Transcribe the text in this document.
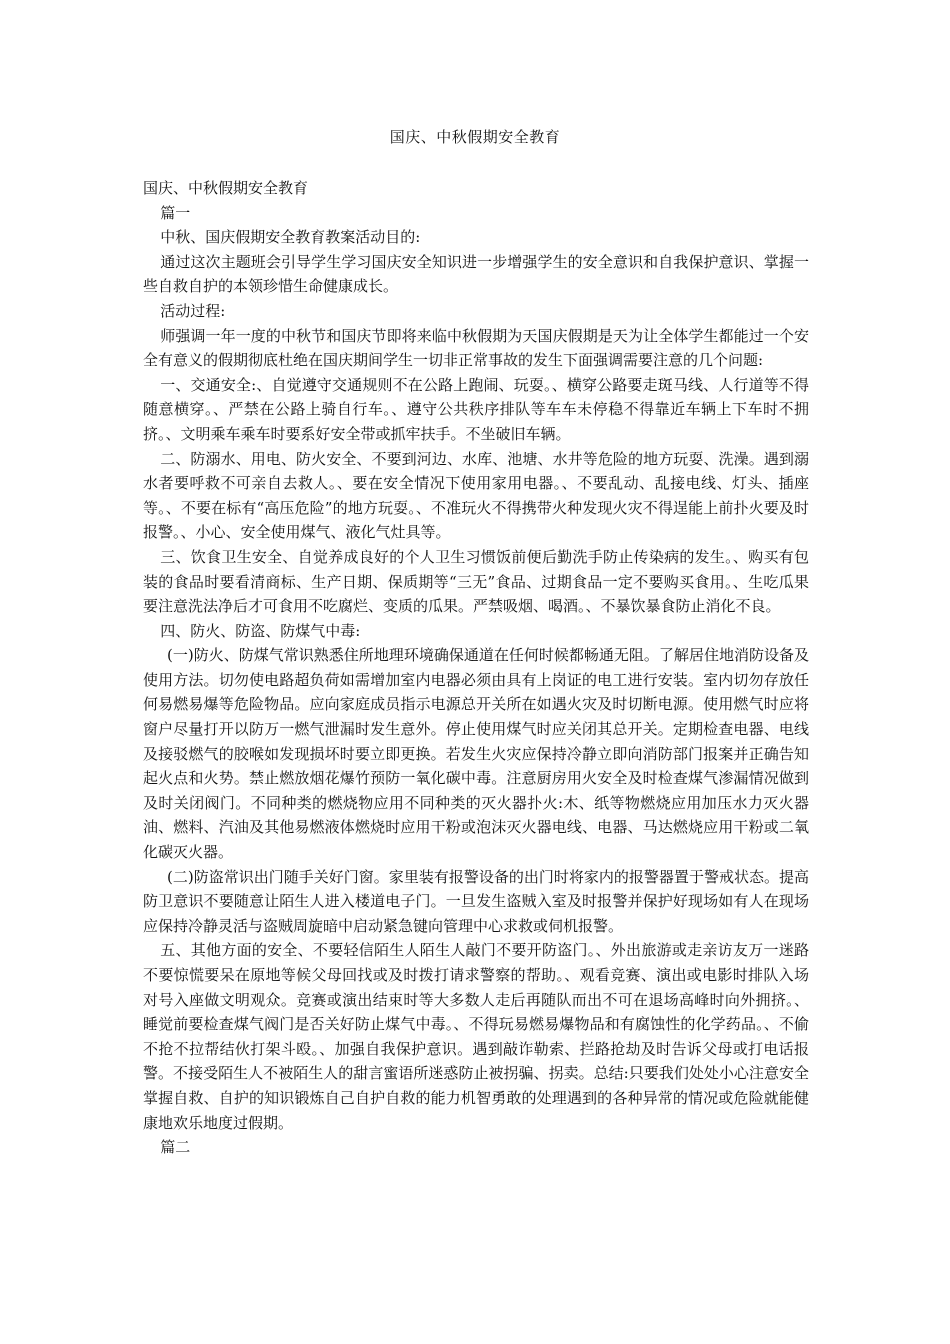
国庆、中秋假期安全教育

国庆、中秋假期安全教育

篇一

中秋、国庆假期安全教育教案活动目的:

通过这次主题班会引导学生学习国庆安全知识进一步增强学生的安全意识和自我保护意识、掌握一些自救自护的本领珍惜生命健康成长。

活动过程:

师强调一年一度的中秋节和国庆节即将来临中秋假期为天国庆假期是天为让全体学生都能过一个安全有意义的假期彻底杜绝在国庆期间学生一切非正常事故的发生下面强调需要注意的几个问题:

一、交通安全:、自觉遵守交通规则不在公路上跑闹、玩耍。、横穿公路要走斑马线、人行道等不得随意横穿。、严禁在公路上骑自行车。、遵守公共秩序排队等车车未停稳不得靠近车辆上下车时不拥挤。、文明乘车乘车时要系好安全带或抓牢扶手。不坐破旧车辆。

二、防溺水、用电、防火安全、不要到河边、水库、池塘、水井等危险的地方玩耍、洗澡。遇到溺水者要呼救不可亲自去救人。、要在安全情况下使用家用电器。、不要乱动、乱接电线、灯头、插座等。、不要在标有“高压危险”的地方玩耍。、不准玩火不得携带火种发现火灾不得逞能上前扑火要及时报警。、小心、安全使用煤气、液化气灶具等。

三、饮食卫生安全、自觉养成良好的个人卫生习惯饭前便后勤洗手防止传染病的发生。、购买有包装的食品时要看清商标、生产日期、保质期等“三无”食品、过期食品一定不要购买食用。、生吃瓜果要注意洗法净后才可食用不吃腐烂、变质的瓜果。严禁吸烟、喝酒。、不暴饮暴食防止消化不良。

四、防火、防盗、防煤气中毒:

(一)防火、防煤气常识熟悉住所地理环境确保通道在任何时候都畅通无阻。了解居住地消防设备及使用方法。切勿使电路超负荷如需增加室内电器必须由具有上岗证的电工进行安装。室内切勿存放任何易燃易爆等危险物品。应向家庭成员指示电源总开关所在如遇火灾及时切断电源。使用燃气时应将窗户尽量打开以防万一燃气泄漏时发生意外。停止使用煤气时应关闭其总开关。定期检查电器、电线及接驳燃气的胶喉如发现损坏时要立即更换。若发生火灾应保持冷静立即向消防部门报案并正确告知起火点和火势。禁止燃放烟花爆竹预防一氧化碳中毒。注意厨房用火安全及时检查煤气渗漏情况做到及时关闭阀门。不同种类的燃烧物应用不同种类的灭火器扑火:木、纸等物燃烧应用加压水力灭火器油、燃料、汽油及其他易燃液体燃烧时应用干粉或泡沫灭火器电线、电器、马达燃烧应用干粉或二氧化碳灭火器。

(二)防盗常识出门随手关好门窗。家里装有报警设备的出门时将家内的报警器置于警戒状态。提高防卫意识不要随意让陌生人进入楼道电子门。一旦发生盗贼入室及时报警并保护好现场如有人在现场应保持冷静灵活与盗贼周旋暗中启动紧急键向管理中心求救或伺机报警。

五、其他方面的安全、不要轻信陌生人陌生人敲门不要开防盗门。、外出旅游或走亲访友万一迷路不要惊慌要呆在原地等候父母回找或及时拨打请求警察的帮助。、观看竞赛、演出或电影时排队入场对号入座做文明观众。竞赛或演出结束时等大多数人走后再随队而出不可在退场高峰时向外拥挤。、睡觉前要检查煤气阀门是否关好防止煤气中毒。、不得玩易燃易爆物品和有腐蚀性的化学药品。、不偷不抢不拉帮结伙打架斗殴。、加强自我保护意识。遇到敲诈勒索、拦路抢劫及时告诉父母或打电话报警。不接受陌生人不被陌生人的甜言蜜语所迷惑防止被拐骗、拐卖。总结:只要我们处处小心注意安全掌握自救、自护的知识锻炼自己自护自救的能力机智勇敢的处理遇到的各种异常的情况或危险就能健康地欢乐地度过假期。

篇二
